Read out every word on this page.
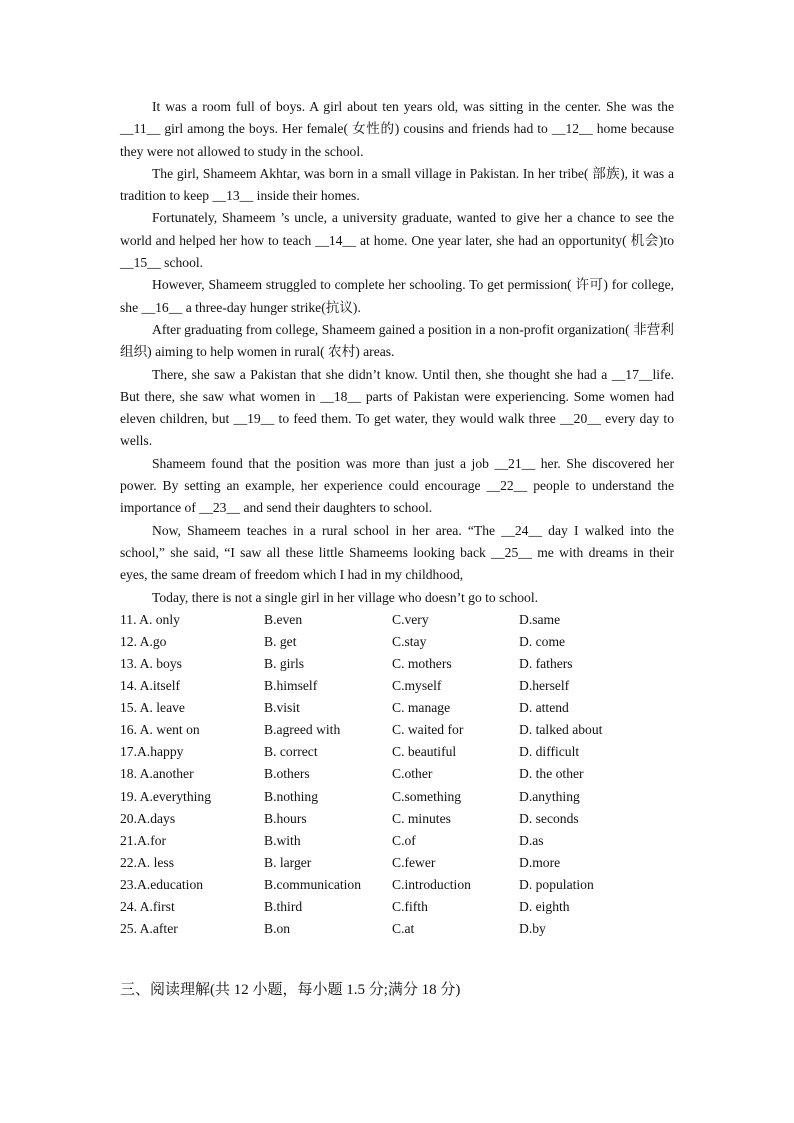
It was a room full of boys. A girl about ten years old, was sitting in the center. She was the __11__ girl among the boys. Her female( 女性的) cousins and friends had to __12__ home because they were not allowed to study in the school.

The girl, Shameem Akhtar, was born in a small village in Pakistan. In her tribe( 部族), it was a tradition to keep __13__ inside their homes.

Fortunately, Shameem ’s uncle, a university graduate, wanted to give her a chance to see the world and helped her how to teach __14__ at home. One year later, she had an opportunity( 机会)to __15__ school.

However, Shameem struggled to complete her schooling. To get permission( 许可) for college, she __16__ a three-day hunger strike(抗议).

After graduating from college, Shameem gained a position in a non-profit organization( 非营利组织) aiming to help women in rural( 农村) areas.

There, she saw a Pakistan that she didn’t know. Until then, she thought she had a __17__life. But there, she saw what women in __18__ parts of Pakistan were experiencing. Some women had eleven children, but __19__ to feed them. To get water, they would walk three __20__ every day to wells.

Shameem found that the position was more than just a job __21__ her. She discovered her power. By setting an example, her experience could encourage __22__ people to understand the importance of __23__ and send their daughters to school.

Now, Shameem teaches in a rural school in her area. “The __24__ day I walked into the school,” she said, “I saw all these little Shameems looking back __25__ me with dreams in their eyes, the same dream of freedom which I had in my childhood,

Today, there is not a single girl in her village who doesn’t go to school.

11. A. only	B.even	C.very	D.same
12. A.go	B. get	C.stay	D. come
13. A. boys	B. girls	C. mothers	D. fathers
14. A.itself	B.himself	C.myself	D.herself
15. A. leave	B.visit	C. manage	D. attend
16. A. went on	B.agreed with	C. waited for	D. talked about
17.A.happy	B. correct	C. beautiful	D. difficult
18. A.another	B.others	C.other	D. the other
19. A.everything	B.nothing	C.something	D.anything
20.A.days	B.hours	C. minutes	D. seconds
21.A.for	B.with	C.of	D.as
22.A. less	B. larger	C.fewer	D.more
23.A.education	B.communication	C.introduction	D. population
24. A.first	B.third	C.fifth	D. eighth
25. A.after	B.on	C.at	D.by
三、阅读理解(共 12 小题，每小题 1.5 分;满分 18 分)
